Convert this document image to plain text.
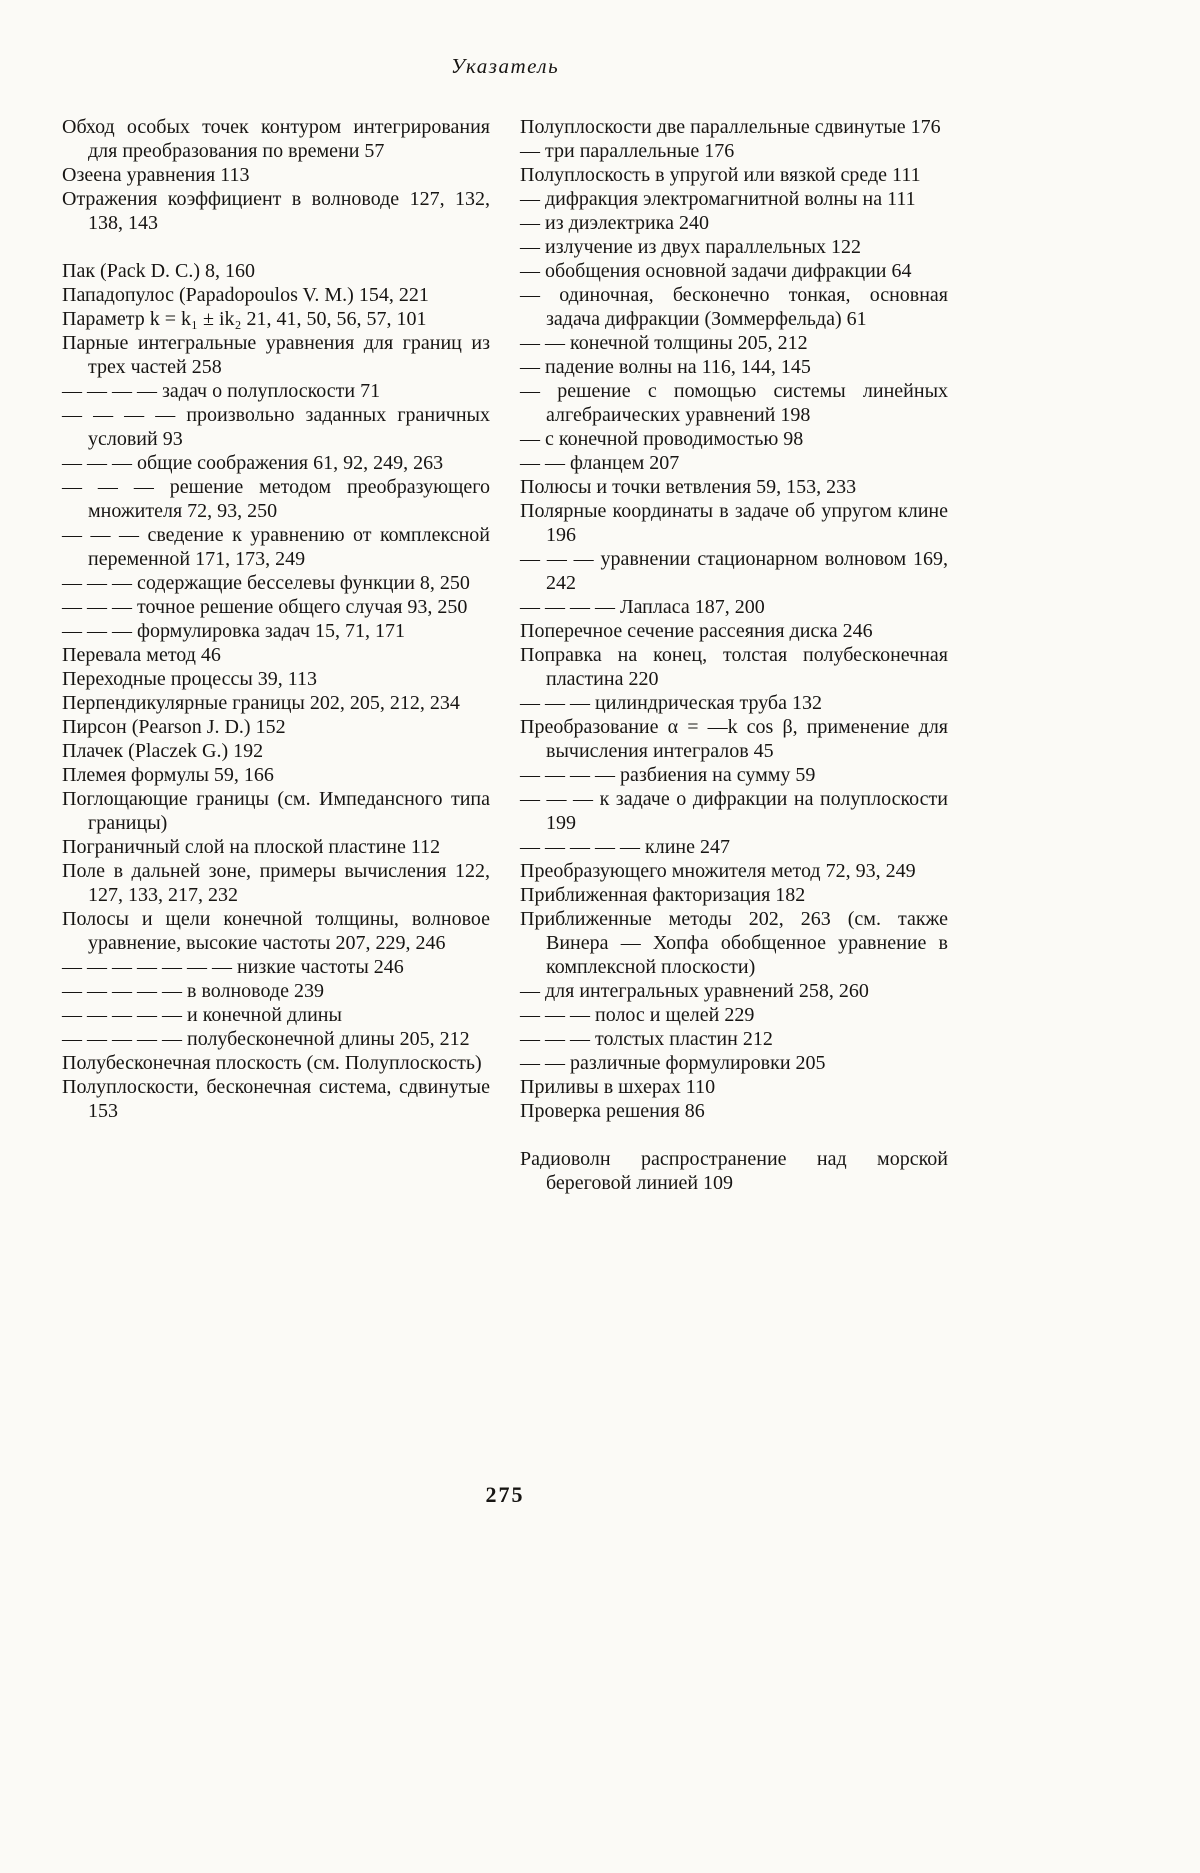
Указатель
Обход особых точек контуром интегрирования для преобразования по времени 57
Озеена уравнения 113
Отражения коэффициент в волноводе 127, 132, 138, 143
Пак (Pack D. C.) 8, 160
Пападопулос (Papadopoulos V. M.) 154, 221
Параметр k = k₁ ± ik₂ 21, 41, 50, 56, 57, 101
Парные интегральные уравнения для границ из трех частей 258
— — — — задач о полуплоскости 71
— — — — произвольно заданных граничных условий 93
— — — общие соображения 61, 92, 249, 263
— — — решение методом преобразующего множителя 72, 93, 250
— — — сведение к уравнению от комплексной переменной 171, 173, 249
— — — содержащие бесселевы функции 8, 250
— — — точное решение общего случая 93, 250
— — — формулировка задач 15, 71, 171
Перевала метод 46
Переходные процессы 39, 113
Перпендикулярные границы 202, 205, 212, 234
Пирсон (Pearson J. D.) 152
Плачек (Placzek G.) 192
Племея формулы 59, 166
Поглощающие границы (см. Импедансного типа границы)
Пограничный слой на плоской пластине 112
Поле в дальней зоне, примеры вычисления 122, 127, 133, 217, 232
Полосы и щели конечной толщины, волновое уравнение, высокие частоты 207, 229, 246
— — — — — — — низкие частоты 246
— — — — — в волноводе 239
— — — — — и конечной длины
— — — — — полубесконечной длины 205, 212
Полубесконечная плоскость (см. Полуплоскость)
Полуплоскости, бесконечная система, сдвинутые 153
Полуплоскости две параллельные сдвинутые 176
— три параллельные 176
Полуплоскость в упругой или вязкой среде 111
— дифракция электромагнитной волны на 111
— из диэлектрика 240
— излучение из двух параллельных 122
— обобщения основной задачи дифракции 64
— одиночная, бесконечно тонкая, основная задача дифракции (Зоммерфельда) 61
— — конечной толщины 205, 212
— падение волны на 116, 144, 145
— решение с помощью системы линейных алгебраических уравнений 198
— с конечной проводимостью 98
— — фланцем 207
Полюсы и точки ветвления 59, 153, 233
Полярные координаты в задаче об упругом клине 196
— — — уравнении стационарном волновом 169, 242
— — — — Лапласа 187, 200
Поперечное сечение рассеяния диска 246
Поправка на конец, толстая полубесконечная пластина 220
— — — цилиндрическая труба 132
Преобразование α = —k cos β, применение для вычисления интегралов 45
— — — — разбиения на сумму 59
— — — к задаче о дифракции на полуплоскости 199
— — — — — клине 247
Преобразующего множителя метод 72, 93, 249
Приближенная факторизация 182
Приближенные методы 202, 263 (см. также Винера — Хопфа обобщенное уравнение в комплексной плоскости)
— для интегральных уравнений 258, 260
— — — полос и щелей 229
— — — толстых пластин 212
— — различные формулировки 205
Приливы в шхерах 110
Проверка решения 86
Радиоволн распространение над морской береговой линией 109
275
